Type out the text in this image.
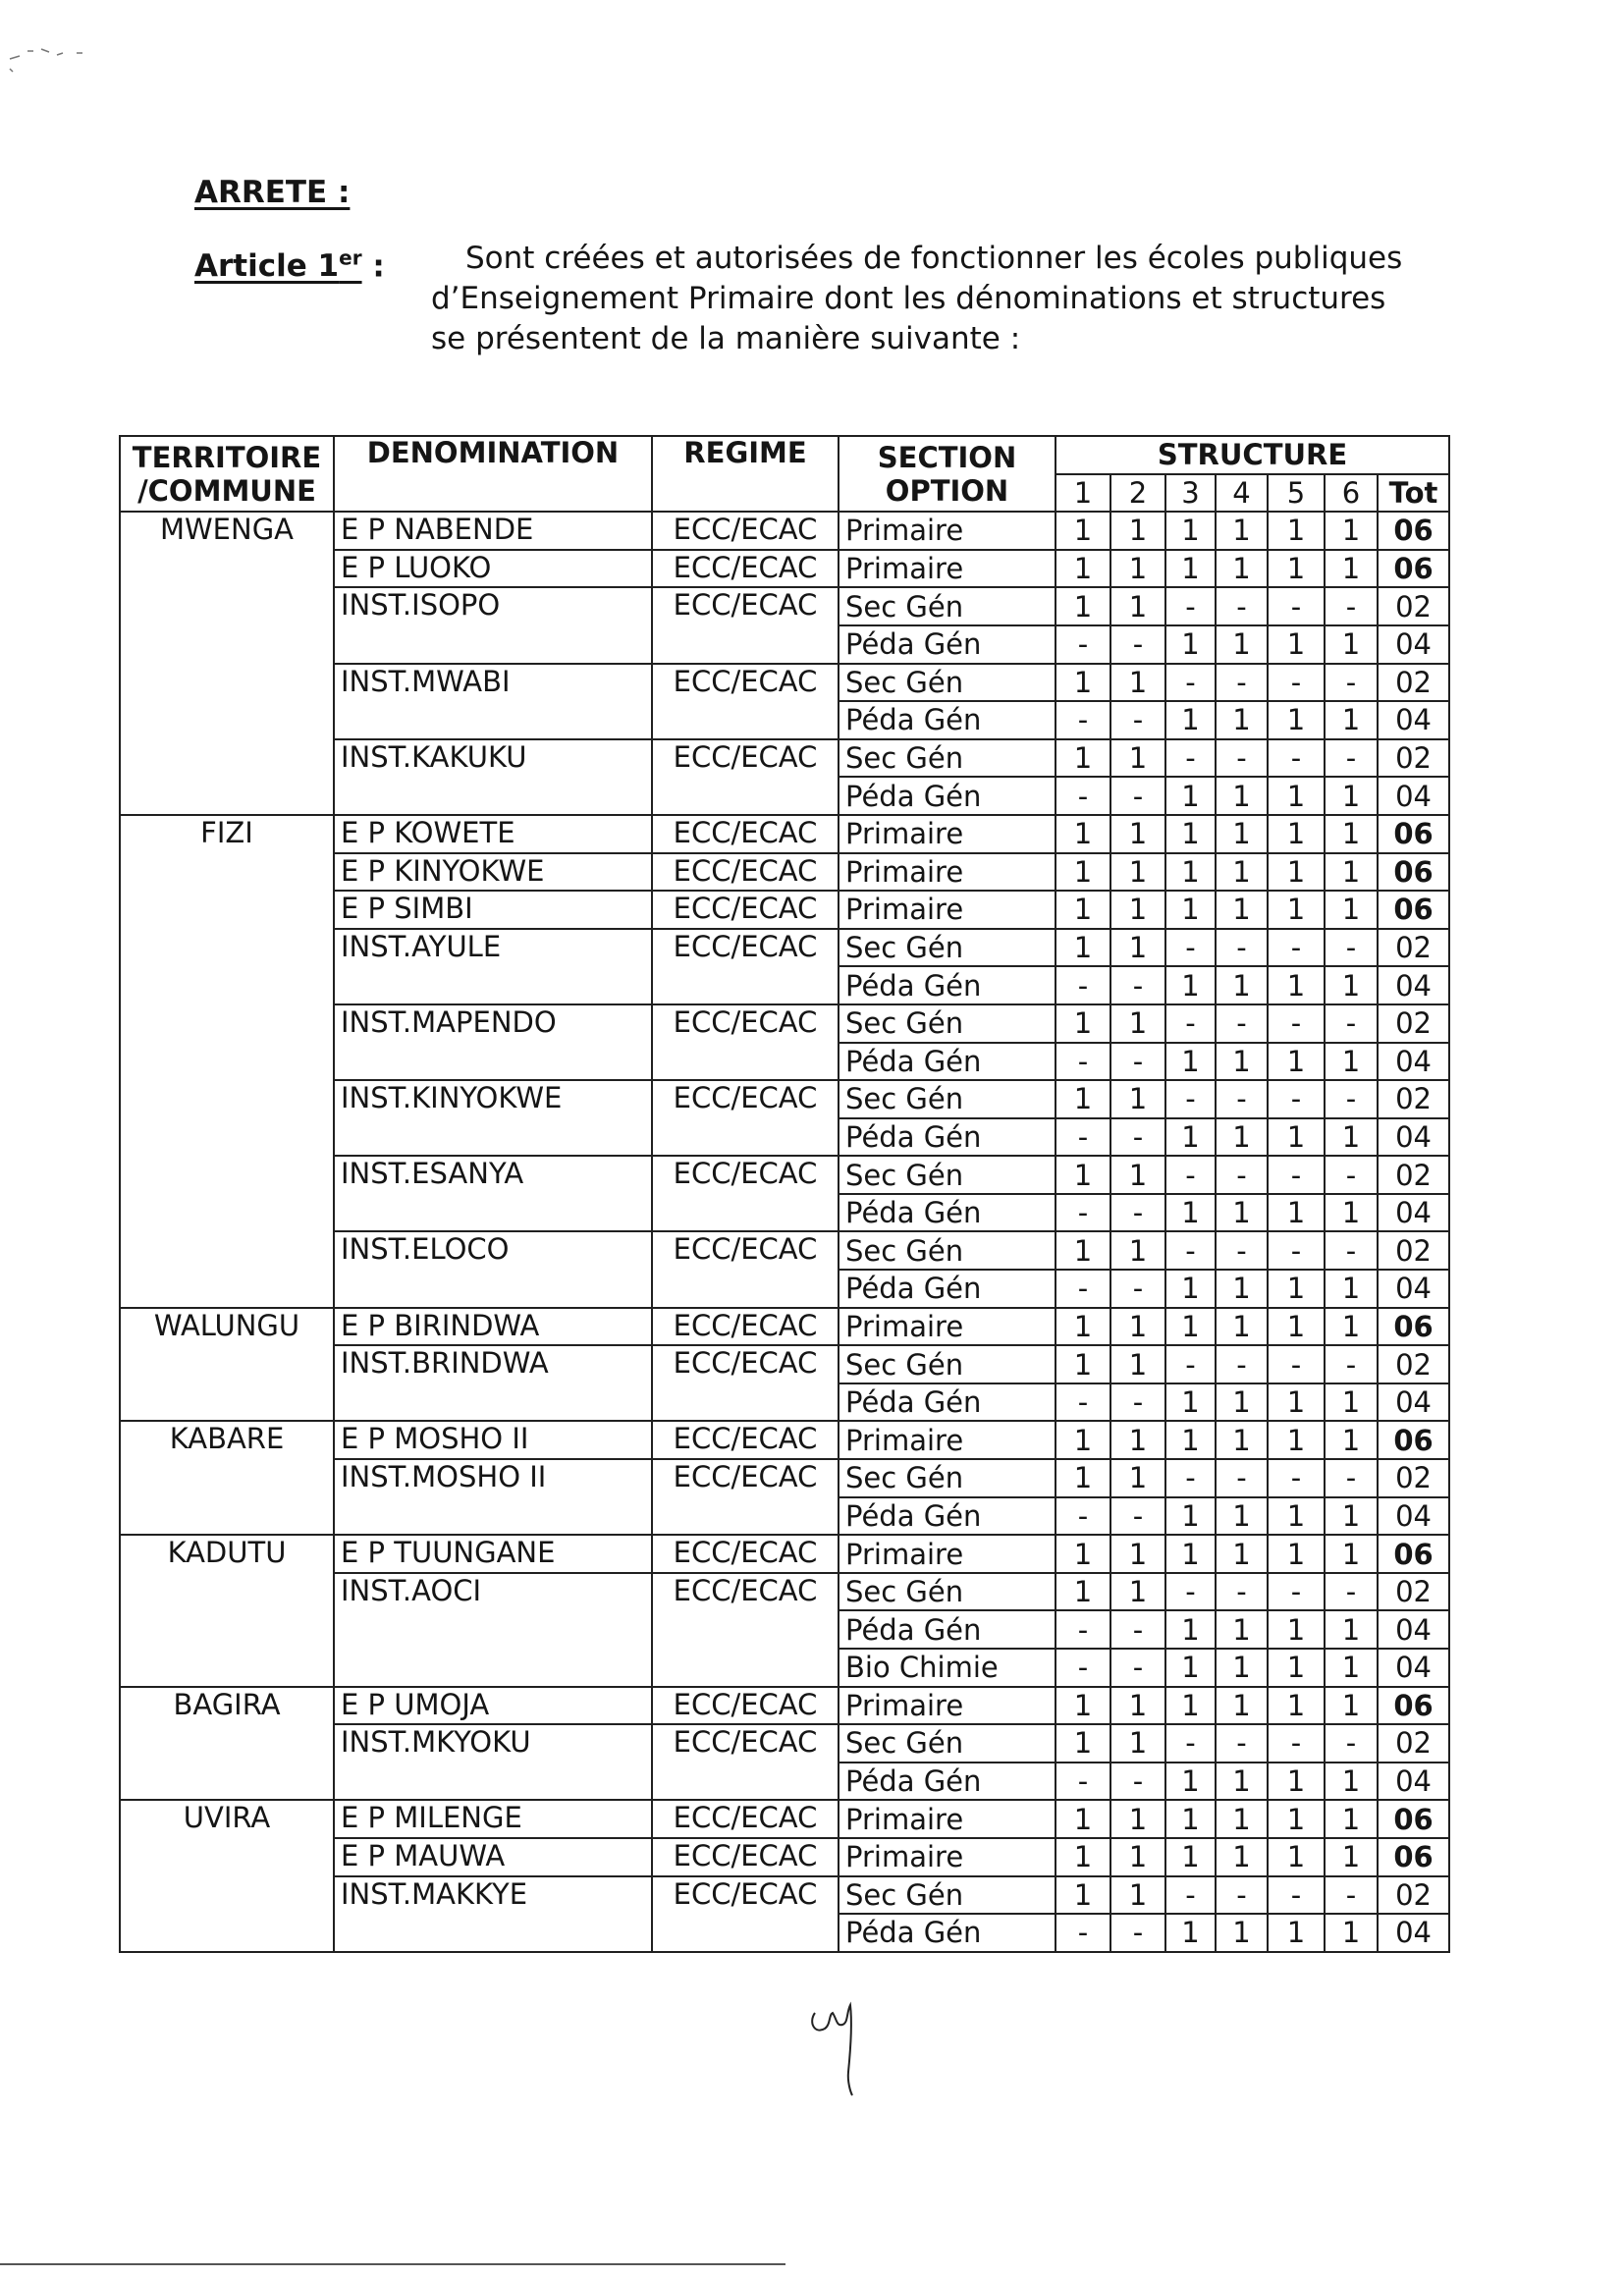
ARRETE :
Article 1er :	Sont créées et autorisées de fonctionner les écoles publiques
d’Enseignement Primaire dont les dénominations et structures
se présentent de la manière suivante :
TERRITOIRE /COMMUNE	DENOMINATION	REGIME	SECTION OPTION	STRUCTURE						
				1	2	3	4	5	6	Tot
MWENGA	E P NABENDE	ECC/ECAC	Primaire	1	1	1	1	1	1	06
	E P LUOKO	ECC/ECAC	Primaire	1	1	1	1	1	1	06
	INST.ISOPO	ECC/ECAC	Sec Gén	1	1	-	-	-	-	02
			Péda Gén	-	-	1	1	1	1	04
	INST.MWABI	ECC/ECAC	Sec Gén	1	1	-	-	-	-	02
			Péda Gén	-	-	1	1	1	1	04
	INST.KAKUKU	ECC/ECAC	Sec Gén	1	1	-	-	-	-	02
			Péda Gén	-	-	1	1	1	1	04
FIZI	E P KOWETE	ECC/ECAC	Primaire	1	1	1	1	1	1	06
	E P KINYOKWE	ECC/ECAC	Primaire	1	1	1	1	1	1	06
	E P SIMBI	ECC/ECAC	Primaire	1	1	1	1	1	1	06
	INST.AYULE	ECC/ECAC	Sec Gén	1	1	-	-	-	-	02
			Péda Gén	-	-	1	1	1	1	04
	INST.MAPENDO	ECC/ECAC	Sec Gén	1	1	-	-	-	-	02
			Péda Gén	-	-	1	1	1	1	04
	INST.KINYOKWE	ECC/ECAC	Sec Gén	1	1	-	-	-	-	02
			Péda Gén	-	-	1	1	1	1	04
	INST.ESANYA	ECC/ECAC	Sec Gén	1	1	-	-	-	-	02
			Péda Gén	-	-	1	1	1	1	04
	INST.ELOCO	ECC/ECAC	Sec Gén	1	1	-	-	-	-	02
			Péda Gén	-	-	1	1	1	1	04
WALUNGU	E P BIRINDWA	ECC/ECAC	Primaire	1	1	1	1	1	1	06
	INST.BRINDWA	ECC/ECAC	Sec Gén	1	1	-	-	-	-	02
			Péda Gén	-	-	1	1	1	1	04
KABARE	E P MOSHO II	ECC/ECAC	Primaire	1	1	1	1	1	1	06
	INST.MOSHO II	ECC/ECAC	Sec Gén	1	1	-	-	-	-	02
			Péda Gén	-	-	1	1	1	1	04
KADUTU	E P TUUNGANE	ECC/ECAC	Primaire	1	1	1	1	1	1	06
	INST.AOCI	ECC/ECAC	Sec Gén	1	1	-	-	-	-	02
			Péda Gén	-	-	1	1	1	1	04
			Bio Chimie	-	-	1	1	1	1	04
BAGIRA	E P UMOJA	ECC/ECAC	Primaire	1	1	1	1	1	1	06
	INST.MKYOKU	ECC/ECAC	Sec Gén	1	1	-	-	-	-	02
			Péda Gén	-	-	1	1	1	1	04
UVIRA	E P MILENGE	ECC/ECAC	Primaire	1	1	1	1	1	1	06
	E P MAUWA	ECC/ECAC	Primaire	1	1	1	1	1	1	06
	INST.MAKKYE	ECC/ECAC	Sec Gén	1	1	-	-	-	-	02
			Péda Gén	-	-	1	1	1	1	04
